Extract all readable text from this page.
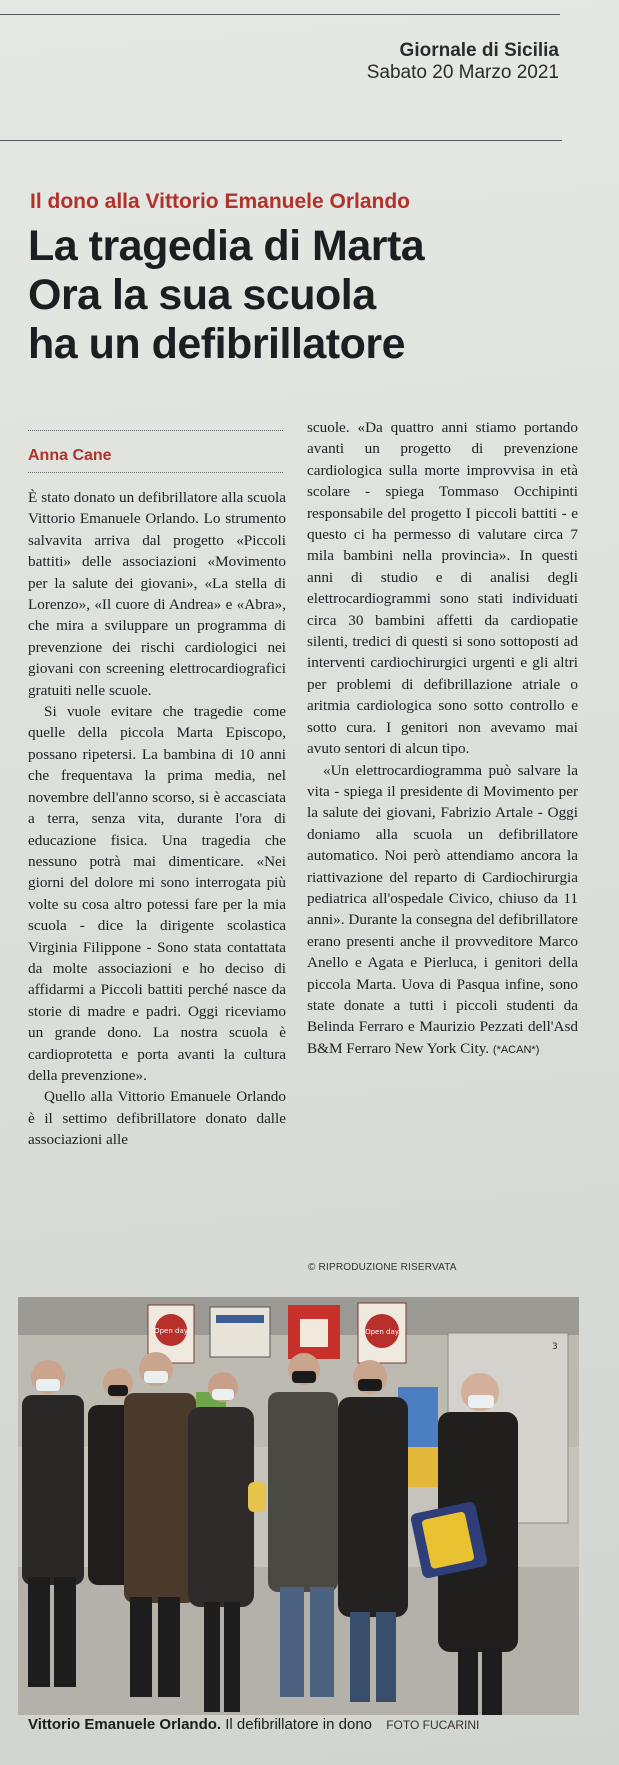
Giornale di Sicilia
Sabato 20 Marzo 2021
Il dono alla Vittorio Emanuele Orlando
La tragedia di Marta
Ora la sua scuola
ha un defibrillatore
Anna Cane

È stato donato un defibrillatore alla scuola Vittorio Emanuele Orlando. Lo strumento salvavita arriva dal progetto «Piccoli battiti» delle associazioni «Movimento per la salute dei giovani», «La stella di Lorenzo», «Il cuore di Andrea» e «Abra», che mira a sviluppare un programma di prevenzione dei rischi cardiologici nei giovani con screening elettrocardiografici gratuiti nelle scuole.

Si vuole evitare che tragedie come quelle della piccola Marta Episcopo, possano ripetersi. La bambina di 10 anni che frequentava la prima media, nel novembre dell'anno scorso, si è accasciata a terra, senza vita, durante l'ora di educazione fisica. Una tragedia che nessuno potrà mai dimenticare. «Nei giorni del dolore mi sono interrogata più volte su cosa altro potessi fare per la mia scuola - dice la dirigente scolastica Virginia Filippone - Sono stata contattata da molte associazioni e ho deciso di affidarmi a Piccoli battiti perché nasce da storie di madre e padri. Oggi riceviamo un grande dono. La nostra scuola è cardioprotetta e porta avanti la cultura della prevenzione».

Quello alla Vittorio Emanuele Orlando è il settimo defibrillatore donato dalle associazioni alle

scuole. «Da quattro anni stiamo portando avanti un progetto di prevenzione cardiologica sulla morte improvvisa in età scolare - spiega Tommaso Occhipinti responsabile del progetto I piccoli battiti - e questo ci ha permesso di valutare circa 7 mila bambini nella provincia». In questi anni di studio e di analisi degli elettrocardiogrammi sono stati individuati circa 30 bambini affetti da cardiopatie silenti, tredici di questi si sono sottoposti ad interventi cardiochirurgici urgenti e gli altri per problemi di defibrillazione atriale o aritmia cardiologica sono sotto controllo e sotto cura. I genitori non avevamo mai avuto sentori di alcun tipo.

«Un elettrocardiogramma può salvare la vita - spiega il presidente di Movimento per la salute dei giovani, Fabrizio Artale - Oggi doniamo alla scuola un defibrillatore automatico. Noi però attendiamo ancora la riattivazione del reparto di Cardiochirurgia pediatrica all'ospedale Civico, chiuso da 11 anni». Durante la consegna del defibrillatore erano presenti anche il provveditore Marco Anello e Agata e Pierluca, i genitori della piccola Marta. Uova di Pasqua infine, sono state donate a tutti i piccoli studenti da Belinda Ferraro e Maurizio Pezzati dell'Asd B&M Ferraro New York City. (*ACAN*)

© RIPRODUZIONE RISERVATA
Open day	Open day
3
Vittorio Emanuele Orlando. Il defibrillatore in dono FOTO FUCARINI
